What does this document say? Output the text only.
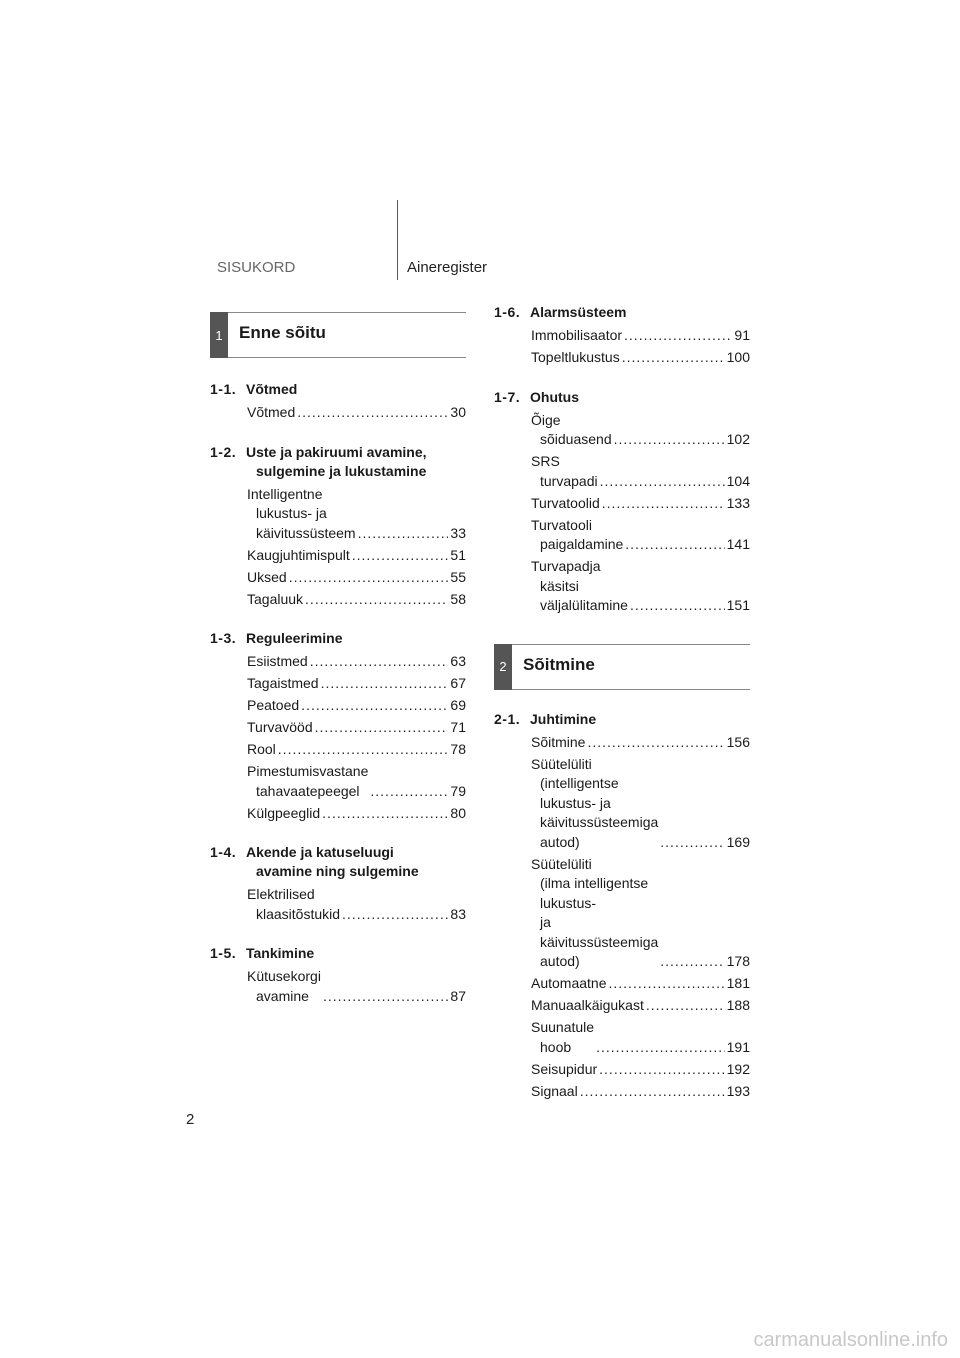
SISUKORD	Aineregister
1 Enne sõitu
1-1. Võtmed
Võtmed .....	30
1-2. Uste ja pakiruumi avamine,
sulgemine ja lukustamine
Intelligentne lukustus- ja
käivitussüsteem .....	33
Kaugjuhtimispult .....	51
Uksed .....	55
Tagaluuk .....	58
1-3. Reguleerimine
Esiistmed .....	63
Tagaistmed .....	67
Peatoed .....	69
Turvavööd .....	71
Rool .....	78
Pimestumisvastane
tahavaatepeegel .....	79
Külgpeeglid .....	80
1-4. Akende ja katuseluugi
avamine ning sulgemine
Elektrilised klaasitõstukid .....	83
1-5. Tankimine
Kütusekorgi avamine .....	87
1-6. Alarmsüsteem
Immobilisaator .....	91
Topeltlukustus .....	100
1-7. Ohutus
Õige sõiduasend .....	102
SRS turvapadi .....	104
Turvatoolid .....	133
Turvatooli paigaldamine .....	141
Turvapadja käsitsi
väljalülitamine .....	151
2 Sõitmine
2-1. Juhtimine
Sõitmine .....	156
Süütelüliti (intelligentse
lukustus- ja käivitussüsteemiga
autod) .....	169
Süütelüliti
(ilma intelligentse lukustus-
ja käivitussüsteemiga
autod) .....	178
Automaatne .....	181
Manuaalkäigukast .....	188
Suunatule hoob .....	191
Seisupidur .....	192
Signaal .....	193
2
carmanualsonline.info
